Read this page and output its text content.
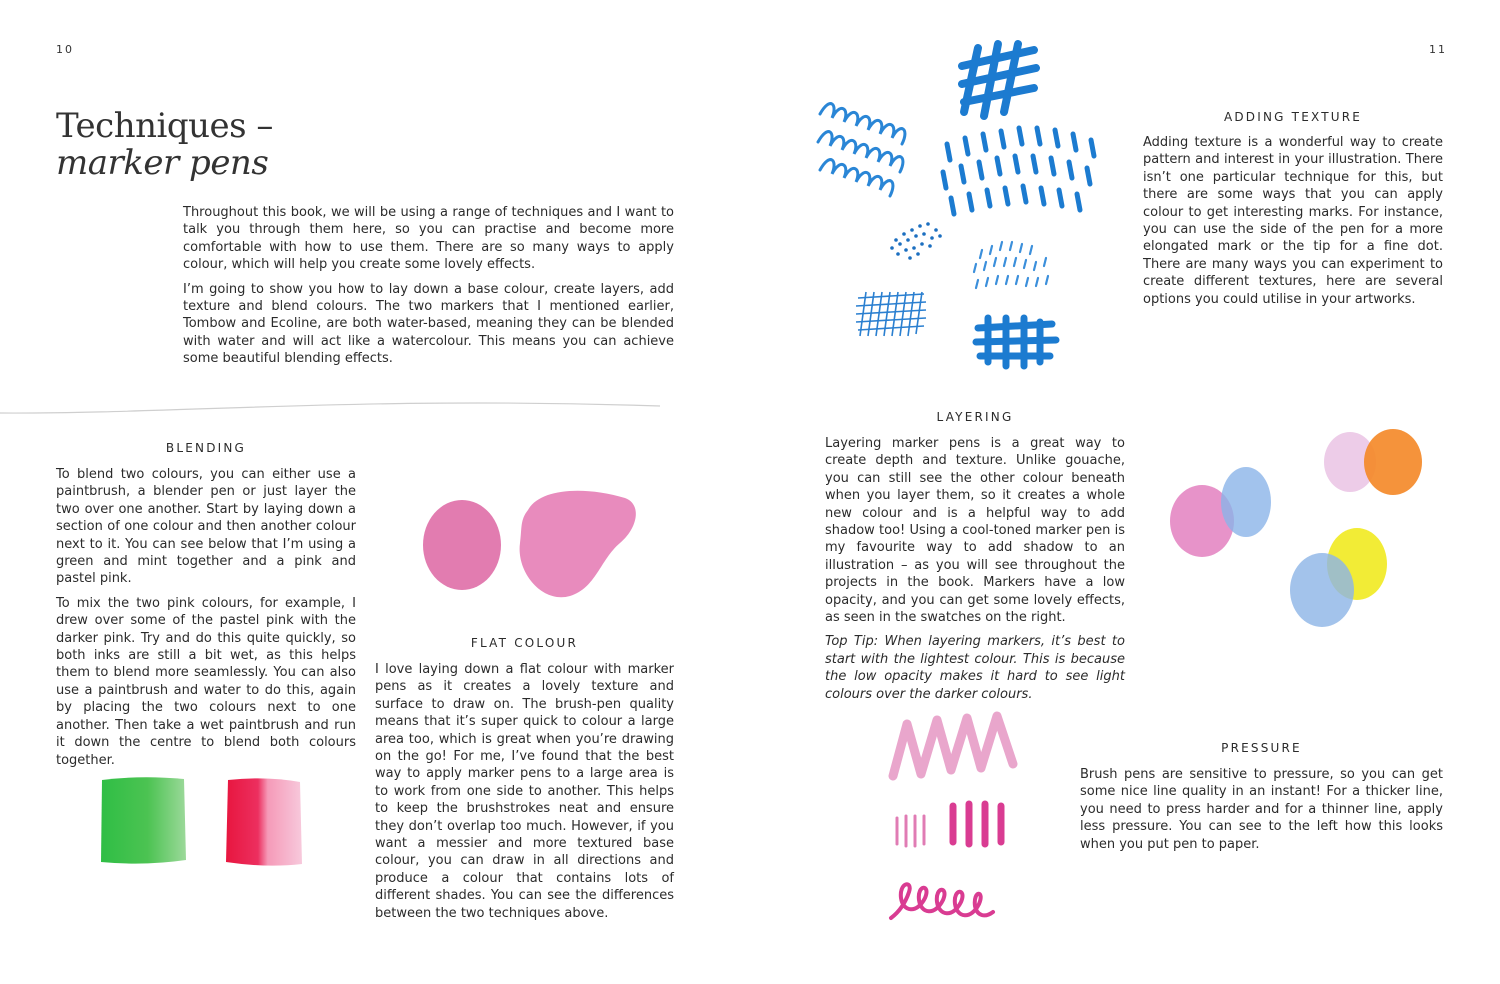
10	11
Techniques –
marker pens

Throughout this book, we will be using a range of techniques and I want to talk you through them here, so you can practise and become more comfortable with how to use them. There are so many ways to apply colour, which will help you create some lovely effects.

I’m going to show you how to lay down a base colour, create layers, add texture and blend colours. The two markers that I mentioned earlier, Tombow and Ecoline, are both water-based, meaning they can be blended with water and will act like a watercolour. This means you can achieve some beautiful blending effects.

BLENDING

To blend two colours, you can either use a paintbrush, a blender pen or just layer the two over one another. Start by laying down a section of one colour and then another colour next to it. You can see below that I’m using a green and mint together and a pink and pastel pink.

To mix the two pink colours, for example, I drew over some of the pastel pink with the darker pink. Try and do this quite quickly, so both inks are still a bit wet, as this helps them to blend more seamlessly. You can also use a paintbrush and water to do this, again by placing the two colours next to one another. Then take a wet paintbrush and run it down the centre to blend both colours together.

FLAT COLOUR

I love laying down a flat colour with marker pens as it creates a lovely texture and surface to draw on. The brush-pen quality means that it’s super quick to colour a large area too, which is great when you’re drawing on the go! For me, I’ve found that the best way to apply marker pens to a large area is to work from one side to another. This helps to keep the brushstrokes neat and ensure they don’t overlap too much. However, if you want a messier and more textured base colour, you can draw in all directions and produce a colour that contains lots of different shades. You can see the differences between the two techniques above.

ADDING TEXTURE

Adding texture is a wonderful way to create pattern and interest in your illustration. There isn’t one particular technique for this, but there are some ways that you can apply colour to get interesting marks. For instance, you can use the side of the pen for a more elongated mark or the tip for a fine dot. There are many ways you can experiment to create different textures, here are several options you could utilise in your artworks.

LAYERING

Layering marker pens is a great way to create depth and texture. Unlike gouache, you can still see the other colour beneath when you layer them, so it creates a whole new colour and is a helpful way to add shadow too! Using a cool-toned marker pen is my favourite way to add shadow to an illustration – as you will see throughout the projects in the book. Markers have a low opacity, and you can get some lovely effects, as seen in the swatches on the right.

Top Tip: When layering markers, it’s best to start with the lightest colour. This is because the low opacity makes it hard to see light colours over the darker colours.

PRESSURE

Brush pens are sensitive to pressure, so you can get some nice line quality in an instant! For a thicker line, you need to press harder and for a thinner line, apply less pressure. You can see to the left how this looks when you put pen to paper.
